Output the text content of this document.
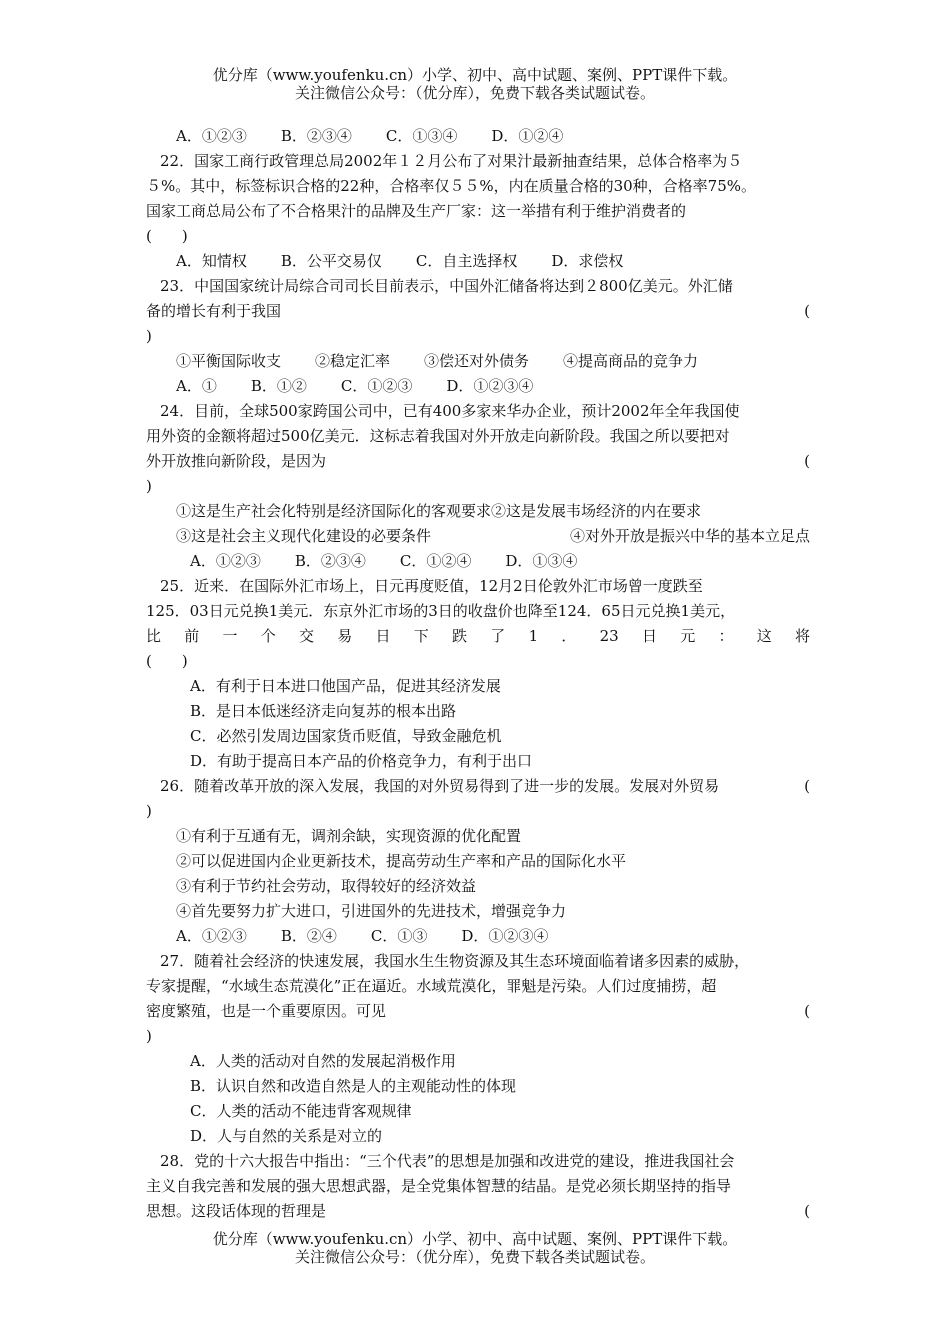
优分库（www.youfenku.cn）小学、初中、高中试题、案例、PPT课件下载。
关注微信公众号：（优分库），免费下载各类试题试卷。
A．①②③ B．②③④ C．①③④ D．①②④
22．国家工商行政管理总局2002年１２月公布了对果汁最新抽查结果，总体合格率为５
５%。其中，标签标识合格的22种，合格率仅５５%，内在质量合格的30种，合格率75%。
国家工商总局公布了不合格果汁的品牌及生产厂家：这一举措有利于维护消费者的
(　　)
A．知情权 B．公平交易仅 C．自主选择权 D．求偿权
23．中国国家统计局综合司司长目前表示，中国外汇储备将达到２800亿美元。外汇储
备的增长有利于我国	(
)
①平衡国际收支 ②稳定汇率 ③偿还对外债务 ④提高商品的竞争力
A．① B．①② C．①②③ D．①②③④
24．目前，全球500家跨国公司中，已有400多家来华办企业，预计2002年全年我国使
用外资的金额将超过500亿美元．这标志着我国对外开放走向新阶段。我国之所以要把对
外开放推向新阶段，是因为	(
)
①这是生产社会化特别是经济国际化的客观要求②这是发展韦场经济的内在要求
③这是社会主义现代化建设的必要条件	④对外开放是振兴中华的基本立足点
A．①②③ B．②③④ C．①②④ D．①③④
25．近来．在国际外汇市场上，日元再度贬值，12月2日伦敦外汇市场曾一度跌至
125．03日元兑换1美元．东京外汇市场的3日的收盘价也降至124．65日元兑换1美元，
比前一个交易日下跌了1．23日元：这将
(　　)
A．有利于日本进口他国产品，促进其经济发展
B．是日本低迷经济走向复苏的根本出路
C．必然引发周边国家货币贬值，导致金融危机
D．有助于提高日本产品的价格竞争力，有利于出口
26．随着改革开放的深入发展，我国的对外贸易得到了进一步的发展。发展对外贸易	(
)
①有利于互通有无，调剂余缺，实现资源的优化配置
②可以促进国内企业更新技术，提高劳动生产率和产品的国际化水平
③有利于节约社会劳动，取得较好的经济效益
④首先要努力扩大进口，引进国外的先进技术，增强竞争力
A．①②③ B．②④ C．①③ D．①②③④
27．随着社会经济的快速发展，我国水生生物资源及其生态环境面临着诸多因素的威胁，
专家提醒，“水域生态荒漠化”正在逼近。水域荒漠化，罪魁是污染。人们过度捕捞，超
密度繁殖，也是一个重要原因。可见	(
)
A．人类的活动对自然的发展起消极作用
B．认识自然和改造自然是人的主观能动性的体现
C．人类的活动不能违背客观规律
D．人与自然的关系是对立的
28．党的十六大报告中指出：“三个代表”的思想是加强和改进党的建设，推进我国社会
主义自我完善和发展的强大思想武器，是全党集体智慧的结晶。是党必须长期坚持的指导
思想。这段话体现的哲理是	(
优分库（www.youfenku.cn）小学、初中、高中试题、案例、PPT课件下载。
关注微信公众号：（优分库），免费下载各类试题试卷。
